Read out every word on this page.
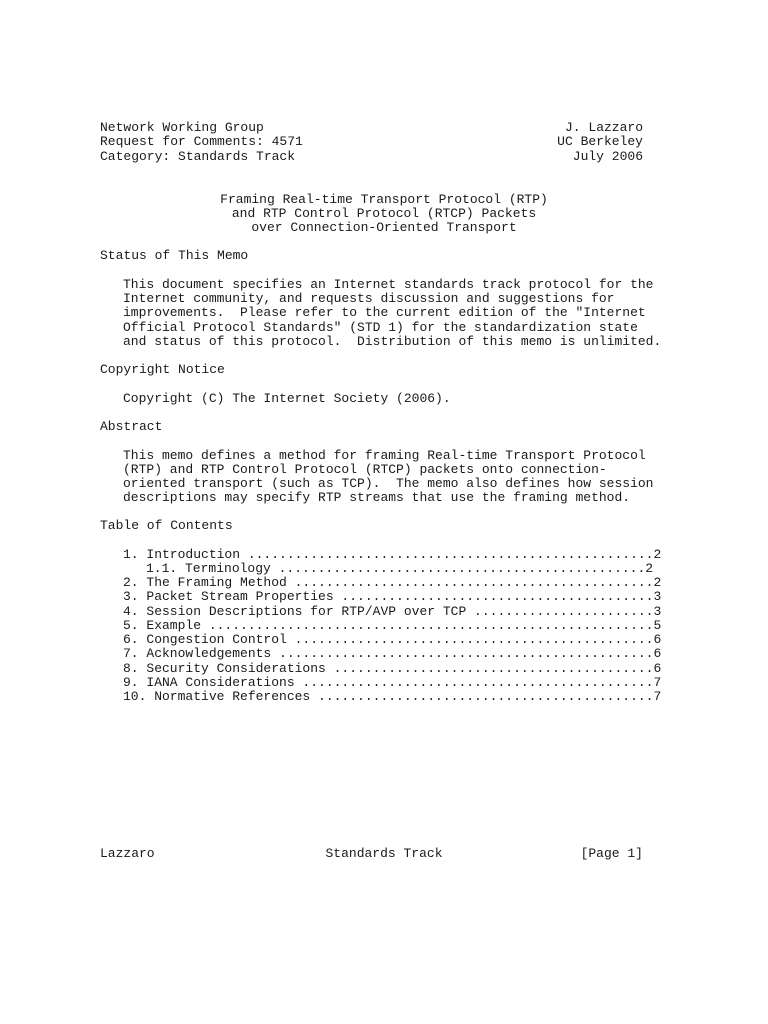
Network Working Group
Request for Comments: 4571
Category: Standards Track
J. Lazzaro
UC Berkeley
July 2006
Framing Real-time Transport Protocol (RTP)
and RTP Control Protocol (RTCP) Packets
over Connection-Oriented Transport
Status of This Memo
This document specifies an Internet standards track protocol for the
Internet community, and requests discussion and suggestions for
improvements.  Please refer to the current edition of the "Internet
Official Protocol Standards" (STD 1) for the standardization state
and status of this protocol.  Distribution of this memo is unlimited.
Copyright Notice
Copyright (C) The Internet Society (2006).
Abstract
This memo defines a method for framing Real-time Transport Protocol
(RTP) and RTP Control Protocol (RTCP) packets onto connection-
oriented transport (such as TCP).  The memo also defines how session
descriptions may specify RTP streams that use the framing method.
Table of Contents
1. Introduction ....................................................2
1.1. Terminology ...............................................2
2. The Framing Method ..............................................2
3. Packet Stream Properties ........................................3
4. Session Descriptions for RTP/AVP over TCP .......................3
5. Example .........................................................5
6. Congestion Control ..............................................6
7. Acknowledgements ................................................6
8. Security Considerations .........................................6
9. IANA Considerations .............................................7
10. Normative References ...........................................7
Lazzaro	Standards Track	[Page 1]
